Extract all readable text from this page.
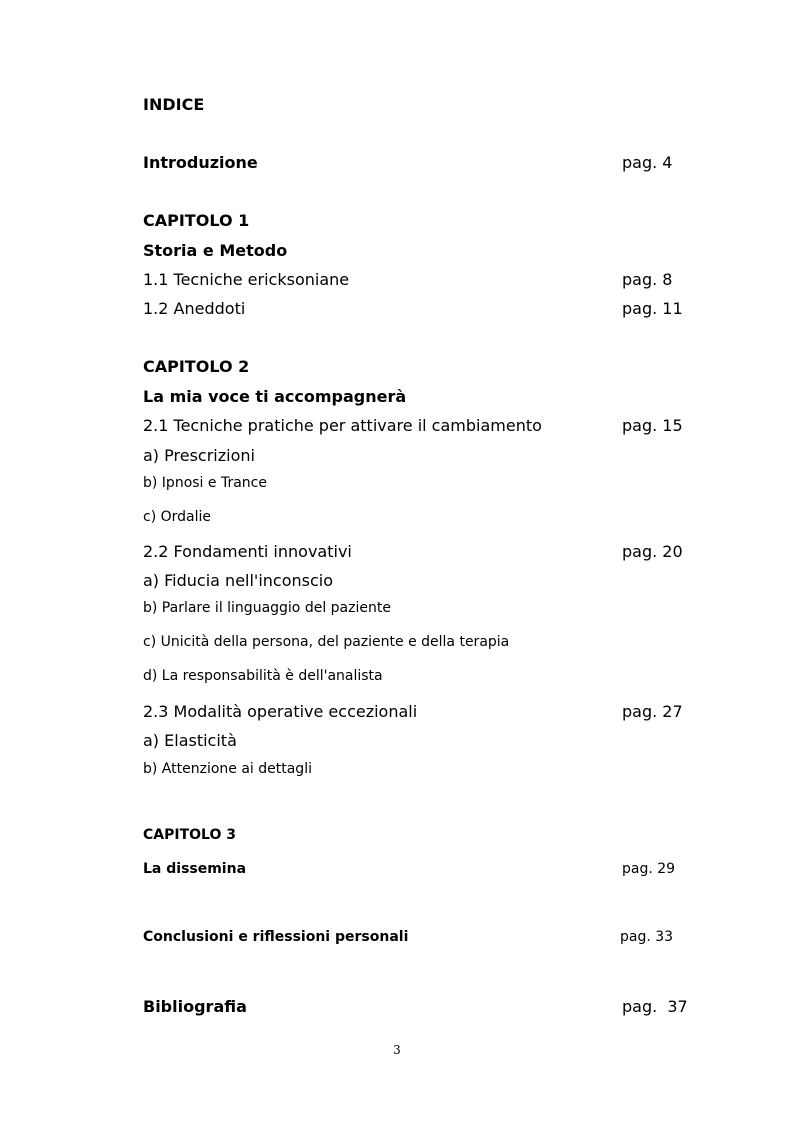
INDICE
Introduzione	pag. 4
CAPITOLO 1
Storia e Metodo
1.1 Tecniche ericksoniane	pag. 8
1.2 Aneddoti	pag. 11
CAPITOLO 2
La mia voce ti accompagnerà
2.1 Tecniche pratiche per attivare il cambiamento	pag. 15
a) Prescrizioni
b) Ipnosi e Trance
c) Ordalie
2.2 Fondamenti innovativi	pag. 20
a) Fiducia nell'inconscio
b) Parlare il linguaggio del paziente
c) Unicità della persona, del paziente e della terapia
d) La responsabilità è dell'analista
2.3 Modalità operative eccezionali	pag. 27
a) Elasticità
b) Attenzione ai dettagli
CAPITOLO 3
La dissemina	pag. 29
Conclusioni e riflessioni personali	pag. 33
Bibliografia	pag.  37
3
